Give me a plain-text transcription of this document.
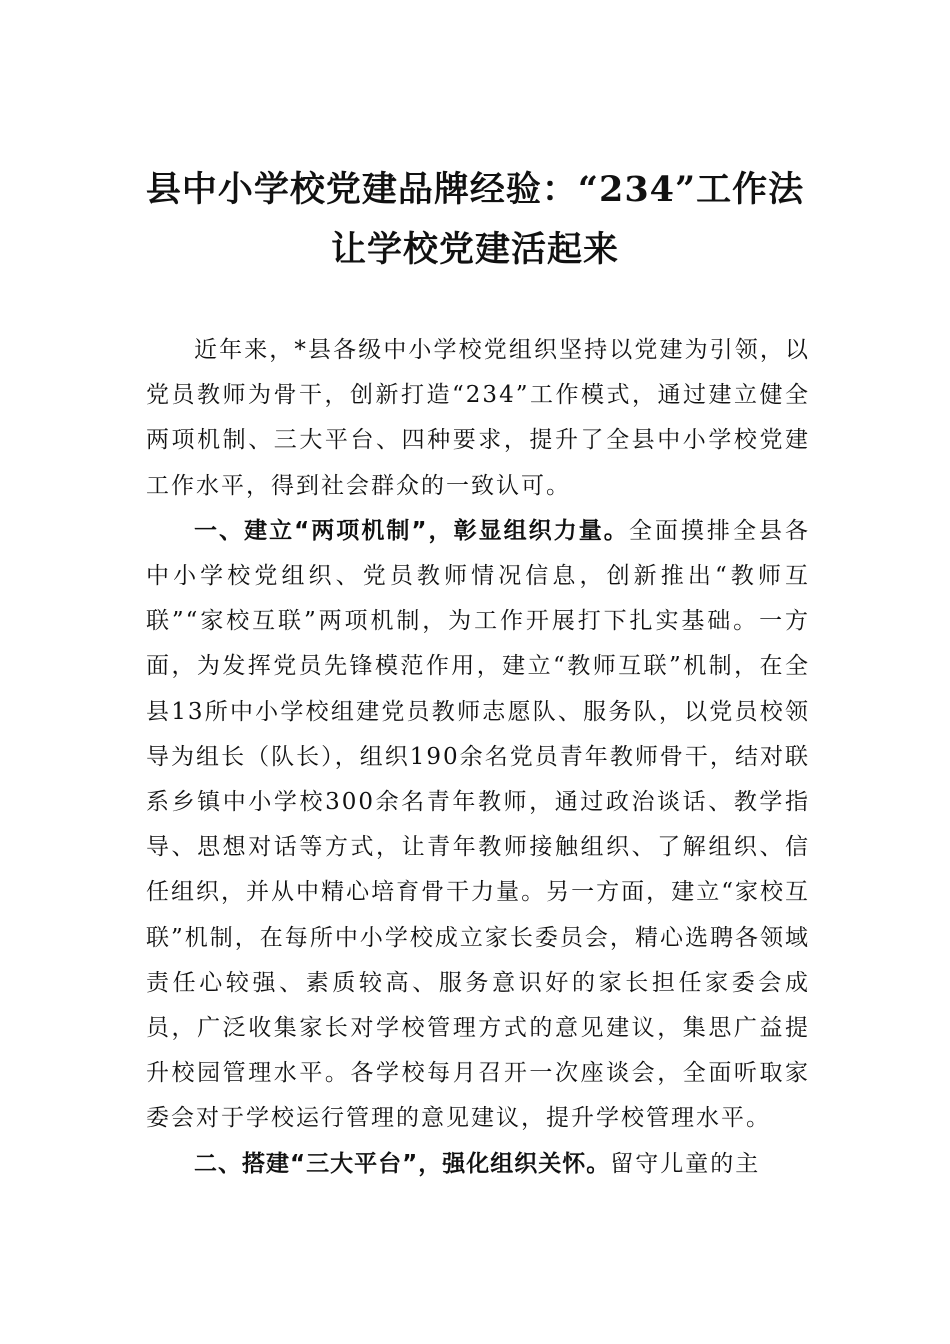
县中小学校党建品牌经验：“234”工作法
让学校党建活起来

近年来，*县各级中小学校党组织坚持以党建为引领，以党员教师为骨干，创新打造“234”工作模式，通过建立健全两项机制、三大平台、四种要求，提升了全县中小学校党建工作水平，得到社会群众的一致认可。

一、建立“两项机制”，彰显组织力量。全面摸排全县各中小学校党组织、党员教师情况信息，创新推出“教师互联”“家校互联”两项机制，为工作开展打下扎实基础。一方面，为发挥党员先锋模范作用，建立“教师互联”机制，在全县13所中小学校组建党员教师志愿队、服务队，以党员校领导为组长（队长），组织190余名党员青年教师骨干，结对联系乡镇中小学校300余名青年教师，通过政治谈话、教学指导、思想对话等方式，让青年教师接触组织、了解组织、信任组织，并从中精心培育骨干力量。另一方面，建立“家校互联”机制，在每所中小学校成立家长委员会，精心选聘各领域责任心较强、素质较高、服务意识好的家长担任家委会成员，广泛收集家长对学校管理方式的意见建议，集思广益提升校园管理水平。各学校每月召开一次座谈会，全面听取家委会对于学校运行管理的意见建议，提升学校管理水平。

二、搭建“三大平台”，强化组织关怀。留守儿童的主
